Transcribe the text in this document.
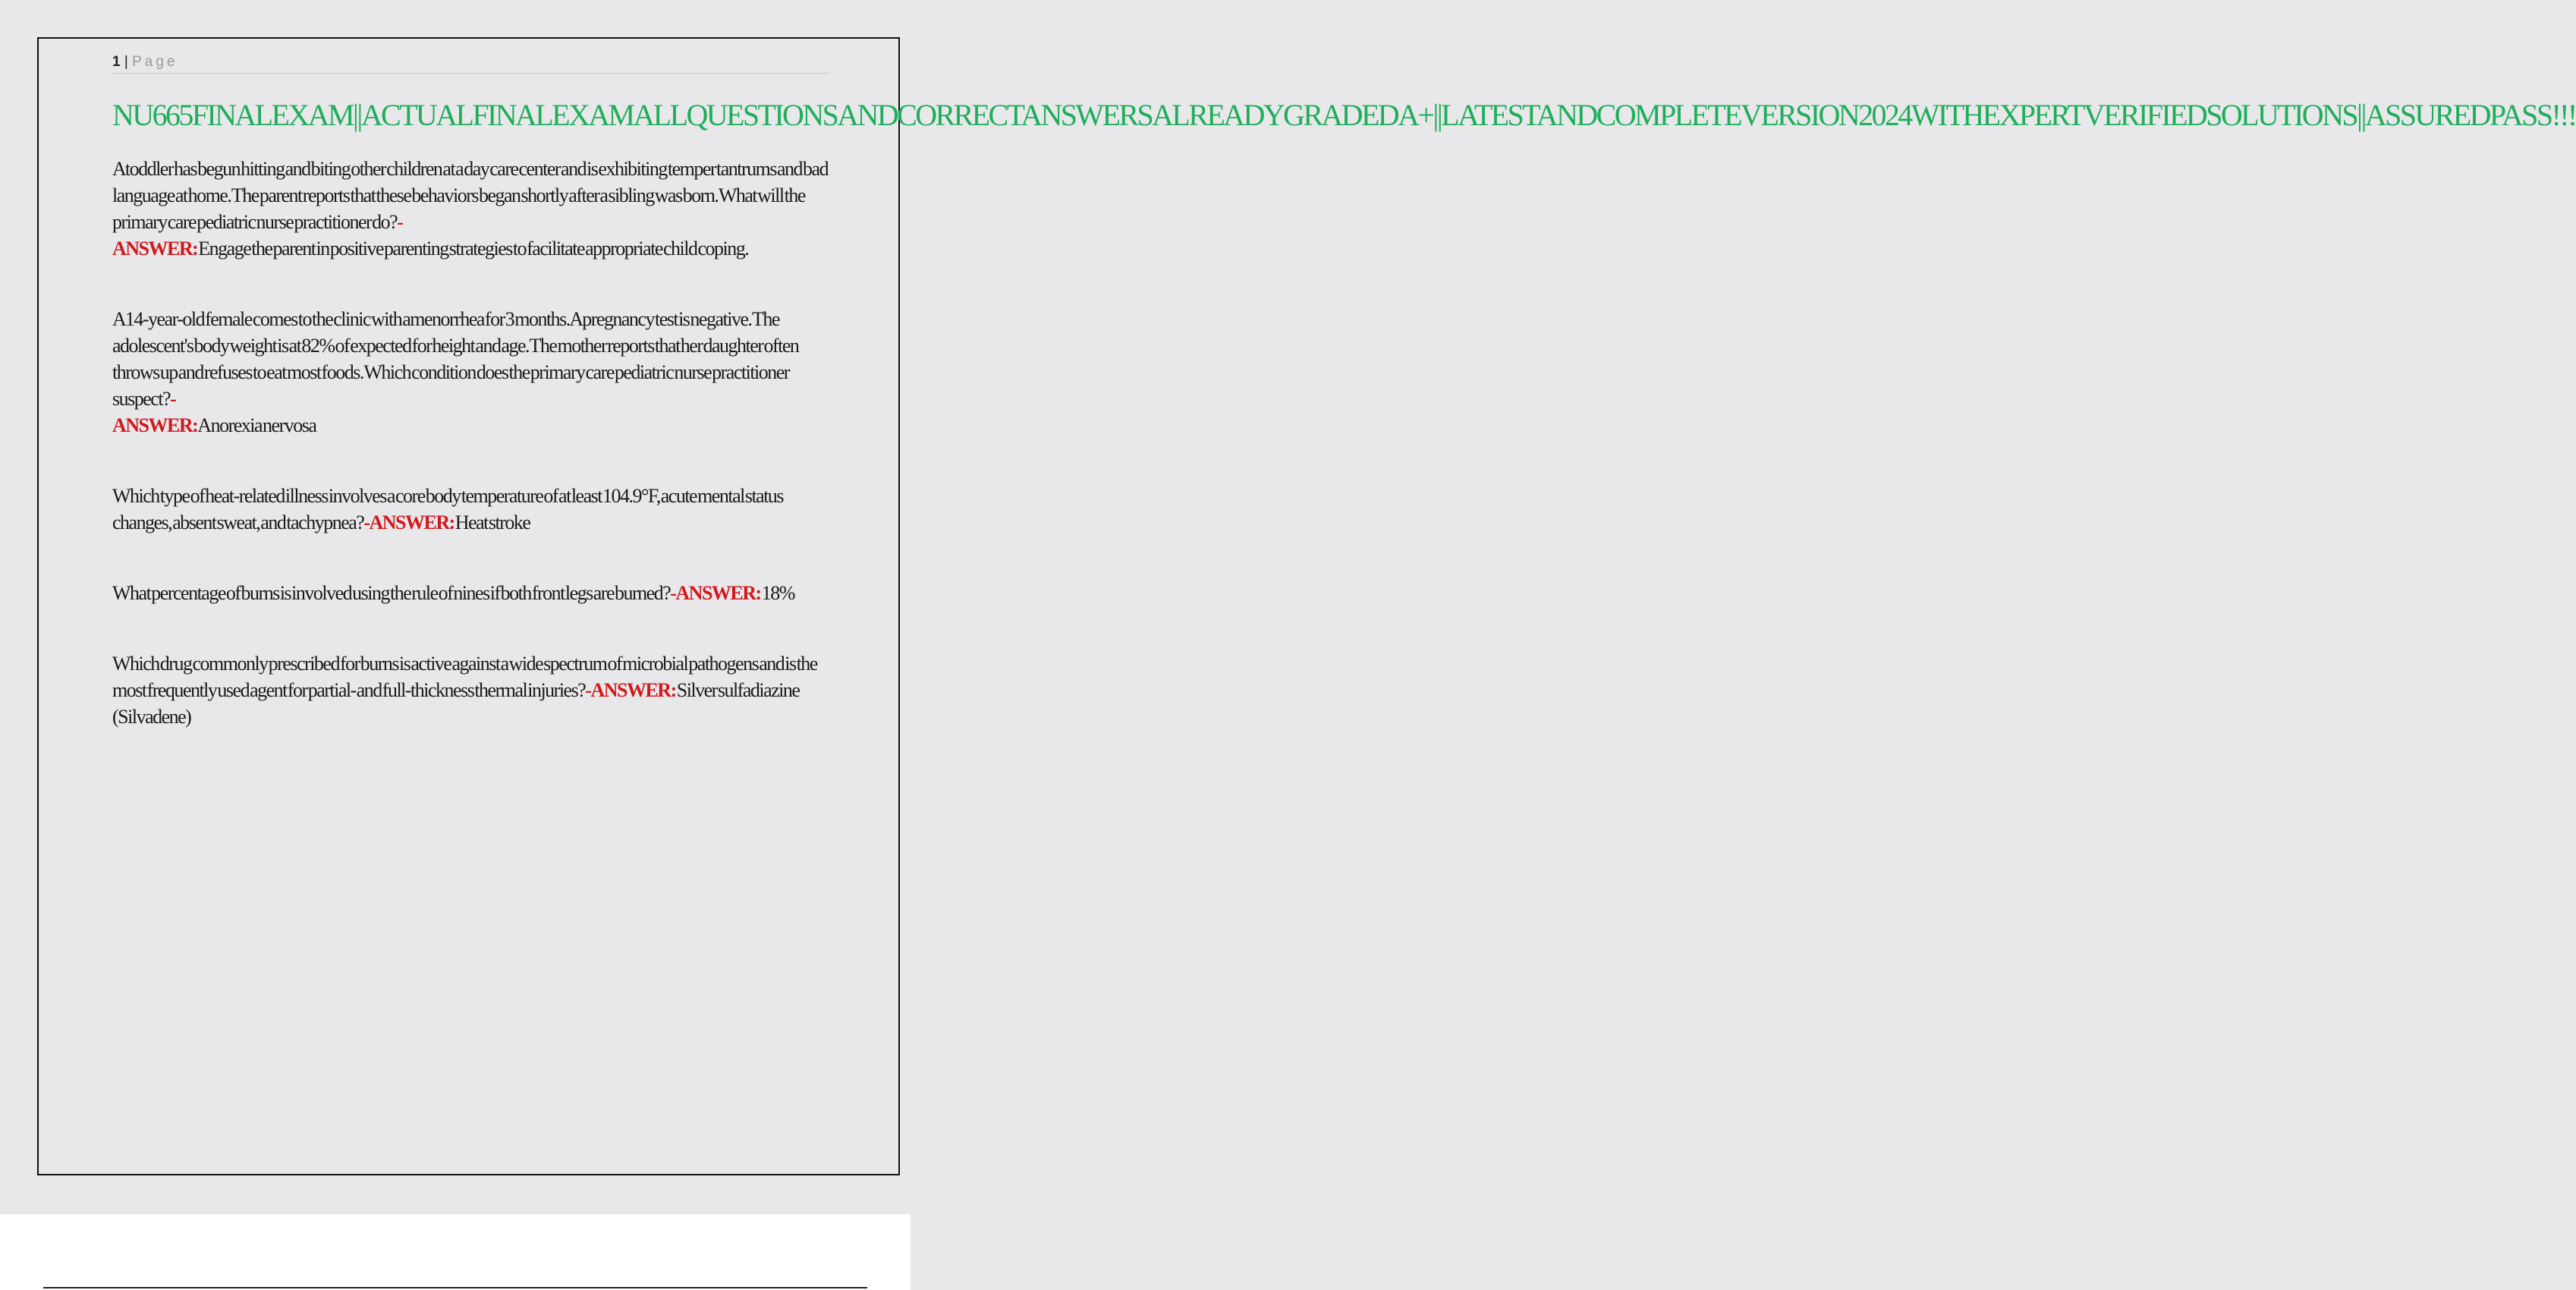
1 | Page
NU665FINALEXAM||ACTUALFINALEXAMALLQUESTIONSANDCORRECTANSWERSALREADYGRADEDA+||LATESTANDCOMPLETEVERSION2024WITHEXPERTVERIFIEDSOLUTIONS||ASSUREDPASS!!!
A toddler has begun hitting and biting other children at a day care center and is exhibiting temper tantrums and bad language at home. The parent reports that these behaviors began shortly after a sibling was born. What will the primary care pediatric nurse practitioner do?-
ANSWER: Engage the parent in positive parenting strategies to facilitate appropriate child coping.
A 14-year-old female comes to the clinic with amenorrhea for 3 months. A pregnancy test is negative. The adolescent's body weight is at 82% of expected for height and age. The mother reports that her daughter often throws up and refuses to eat most foods. Which condition does the primary care pediatric nurse practitioner suspect?-
ANSWER: Anorexia nervosa
Which type of heat-related illness involves a core body temperature of at least 104.9°F, acute mental status changes, absent sweat, and tachypnea?-ANSWER: Heat stroke
What percentage of burns is involved using the rule of nines if both front legs are burned?-ANSWER: 18%
Which drug commonly prescribed for burns is active against a wide spectrum of microbial pathogens and is the most frequently used agent for partial- and full-thickness thermal injuries?-ANSWER: Silver sulfadiazine (Silvadene)
